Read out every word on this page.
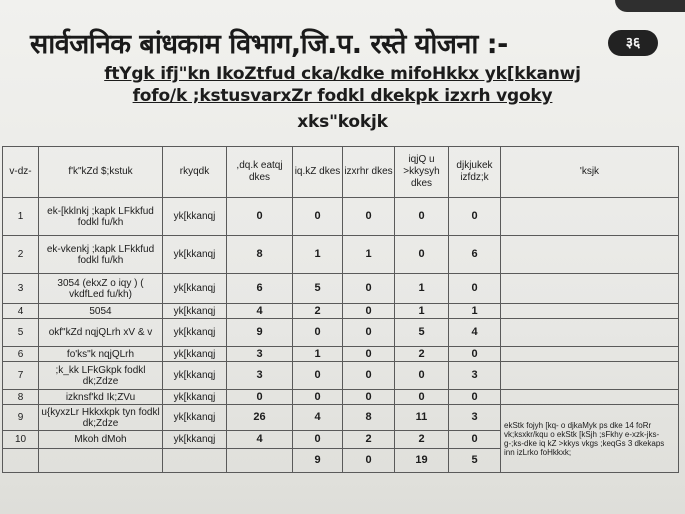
सार्वजनिक बांधकाम विभाग,जि.प. रस्ते योजना :-	३६
ftYgk ifj"kn IkoZtfud cka/kdke mifoHkkx yk[kkanwj
fofo/k ;kstusvarxZr fodkl dkekpk izxrh vgoky
xks"kokjk
v-dz-	f'k"kZd $;kstuk	rkyqdk	,dq.k eatqj dkes	iq.kZ dkes	izxrhr dkes	iqjQ u >kkysyh dkes	djkjukek izfdz;k	'ksjk
1	ek-[kklnkj ;kapk LFkkfud fodkl fu/kh	yk[kkanqj	0	0	0	0	0	
2	ek-vkenkj ;kapk LFkkfud fodkl fu/kh	yk[kkanqj	8	1	1	0	6	
3	3054 (ekxZ o iqy ) ( vkdfLed fu/kh)	yk[kkanqj	6	5	0	1	0	
4	5054	yk[kkanqj	4	2	0	1	1	
5	okf"kZd nqjQLrh xV & v	yk[kkanqj	9	0	0	5	4	
6	fo'ks"k nqjQLrh	yk[kkanqj	3	1	0	2	0	
7	;k_kk LFkGkpk fodkl dk;Zdze	yk[kkanqj	3	0	0	0	3	
8	izknsf'kd Ik;ZVu	yk[kkanqj	0	0	0	0	0	
9	u{kyxzLr Hkkxkpk tyn fodkl dk;Zdze	yk[kkanqj	26	4	8	11	3	ekStk fojyh [kq- o djkaMyk ps dke 14 foRr vk;ksxkr/kqu o ekStk [kSjh ;sFkhy e-xzk-jks-g-;ks-dke iq kZ >kkys vkgs ;keqGs 3 dkekaps inn izLrko foHkkxk;
10	Mkoh dMoh	yk[kkanqj	4	0	2	2	0	
				9	0	19	5	
